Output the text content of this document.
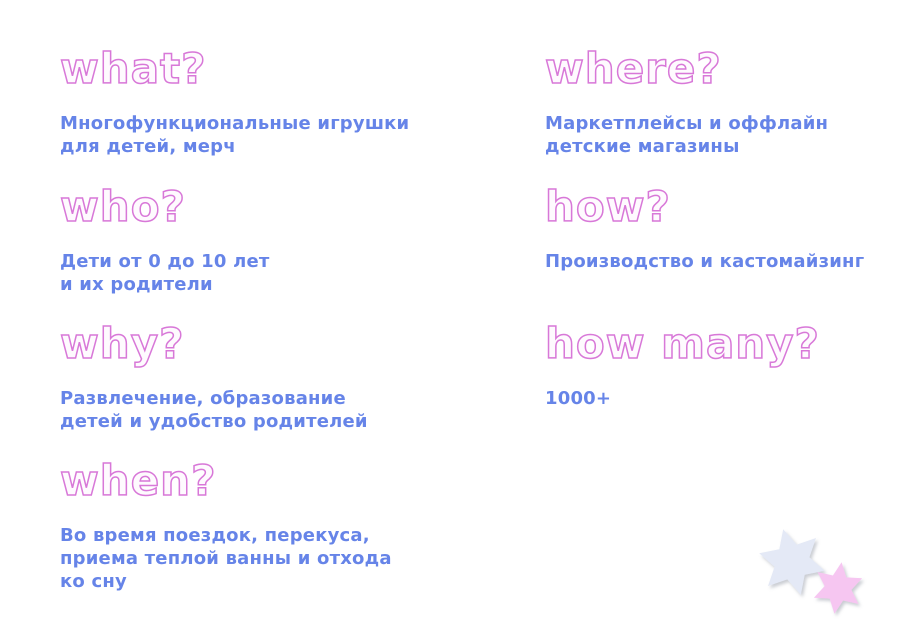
what?

Многофункциональные игрушки
для детей, мерч

who?

Дети от 0 до 10 лет
и их родители

why?

Развлечение, образование
детей и удобство родителей

when?

Во время поездок, перекуса,
приема теплой ванны и отхода
ко сну

where?

Маркетплейсы и оффлайн
детские магазины

how?

Производство и кастомайзинг

how many?

1000+
